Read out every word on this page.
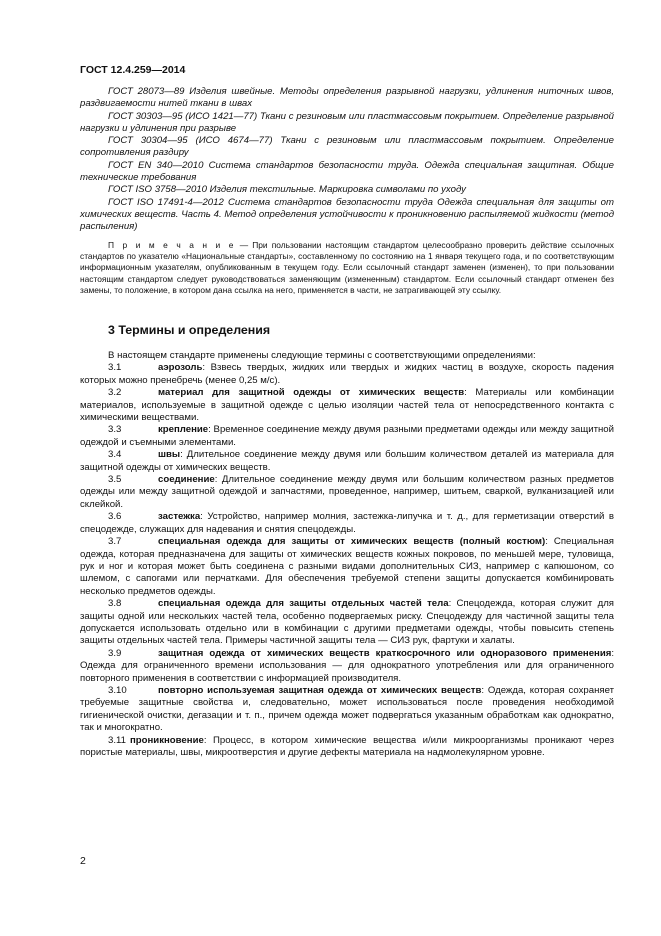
ГОСТ 12.4.259—2014

ГОСТ 28073—89 Изделия швейные. Методы определения разрывной нагрузки, удлинения ниточных швов, раздвигаемости нитей ткани в швах

ГОСТ 30303—95 (ИСО 1421—77) Ткани с резиновым или пластмассовым покрытием. Определение разрывной нагрузки и удлинения при разрыве

ГОСТ 30304—95 (ИСО 4674—77) Ткани с резиновым или пластмассовым покрытием. Определение сопротивления раздиру

ГОСТ EN 340—2010 Система стандартов безопасности труда. Одежда специальная защитная. Общие технические требования

ГОСТ ISO 3758—2010 Изделия текстильные. Маркировка символами по уходу

ГОСТ ISO 17491-4—2012 Система стандартов безопасности труда Одежда специальная для защиты от химических веществ. Часть 4. Метод определения устойчивости к проникновению распыляемой жидкости (метод распыления)

П р и м е ч а н и е — При пользовании настоящим стандартом целесообразно проверить действие ссылочных стандартов по указателю «Национальные стандарты», составленному по состоянию на 1 января текущего года, и по соответствующим информационным указателям, опубликованным в текущем году. Если ссылочный стандарт заменен (изменен), то при пользовании настоящим стандартом следует руководствоваться заменяющим (измененным) стандартом. Если ссылочный стандарт отменен без замены, то положение, в котором дана ссылка на него, применяется в части, не затрагивающей эту ссылку.

3 Термины и определения

В настоящем стандарте применены следующие термины с соответствующими определениями:

3.1	аэрозоль: Взвесь твердых, жидких или твердых и жидких частиц в воздухе, скорость падения которых можно пренебречь (менее 0,25 м/с).

3.2	материал для защитной одежды от химических веществ: Материалы или комбинации материалов, используемые в защитной одежде с целью изоляции частей тела от непосредственного контакта с химическими веществами.

3.3	крепление: Временное соединение между двумя разными предметами одежды или между защитной одеждой и съемными элементами.

3.4	швы: Длительное соединение между двумя или большим количеством деталей из материала для защитной одежды от химических веществ.

3.5	соединение: Длительное соединение между двумя или большим количеством разных предметов одежды или между защитной одеждой и запчастями, проведенное, например, шитьем, сваркой, вулканизацией или склейкой.

3.6	застежка: Устройство, например молния, застежка-липучка и т. д., для герметизации отверстий в спецодежде, служащих для надевания и снятия спецодежды.

3.7	специальная одежда для защиты от химических веществ (полный костюм): Специальная одежда, которая предназначена для защиты от химических веществ кожных покровов, по меньшей мере, туловища, рук и ног и которая может быть соединена с разными видами дополнительных СИЗ, например с капюшоном, со шлемом, с сапогами или перчатками. Для обеспечения требуемой степени защиты допускается комбинировать несколько предметов одежды.

3.8	специальная одежда для защиты отдельных частей тела: Спецодежда, которая служит для защиты одной или нескольких частей тела, особенно подвергаемых риску. Спецодежду для частичной защиты тела допускается использовать отдельно или в комбинации с другими предметами одежды, чтобы повысить степень защиты отдельных частей тела. Примеры частичной защиты тела — СИЗ рук, фартуки и халаты.

3.9	защитная одежда от химических веществ краткосрочного или одноразового применения: Одежда для ограниченного времени использования — для однократного употребления или для ограниченного повторного применения в соответствии с информацией производителя.

3.10	повторно используемая защитная одежда от химических веществ: Одежда, которая сохраняет требуемые защитные свойства и, следовательно, может использоваться после проведения необходимой гигиенической очистки, дегазации и т. п., причем одежда может подвергаться указанным обработкам как однократно, так и многократно.

3.11 проникновение: Процесс, в котором химические вещества и/или микроорганизмы проникают через пористые материалы, швы, микроотверстия и другие дефекты материала на надмолекулярном уровне.

2
